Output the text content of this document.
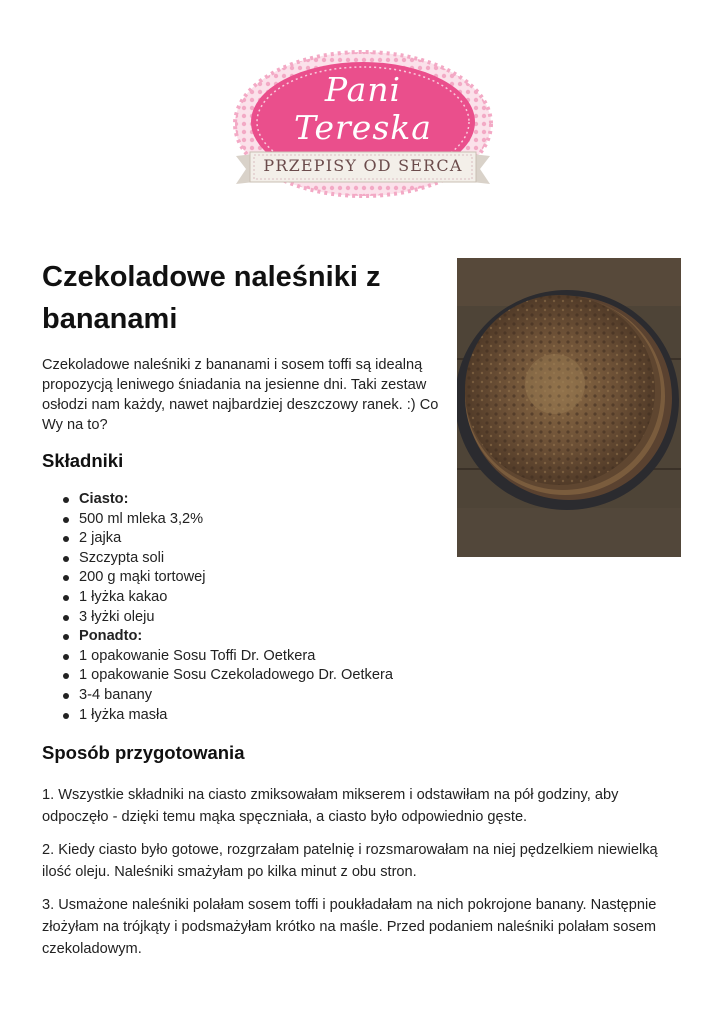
Pani
Tereska
PRZEPISY OD SERCA
Czekoladowe naleśniki z bananami

Czekoladowe naleśniki z bananami i sosem toffi są idealną propozycją leniwego śniadania na jesienne dni. Taki zestaw osłodzi nam każdy, nawet najbardziej deszczowy ranek. :) Co Wy na to?

Składniki
Ciasto:
500 ml mleka 3,2%
2 jajka
Szczypta soli
200 g mąki tortowej
1 łyżka kakao
3 łyżki oleju
Ponadto:
1 opakowanie Sosu Toffi Dr. Oetkera
1 opakowanie Sosu Czekoladowego Dr. Oetkera
3-4 banany
1 łyżka masła
Sposób przygotowania

1. Wszystkie składniki na ciasto zmiksowałam mikserem i odstawiłam na pół godziny, aby odpoczęło - dzięki temu mąka spęczniała, a ciasto było odpowiednio gęste.

2. Kiedy ciasto było gotowe, rozgrzałam patelnię i rozsmarowałam na niej pędzelkiem niewielką ilość oleju. Naleśniki smażyłam po kilka minut z obu stron.

3. Usmażone naleśniki polałam sosem toffi i poukładałam na nich pokrojone banany. Następnie złożyłam na trójkąty i podsmażyłam krótko na maśle. Przed podaniem naleśniki polałam sosem czekoladowym.
